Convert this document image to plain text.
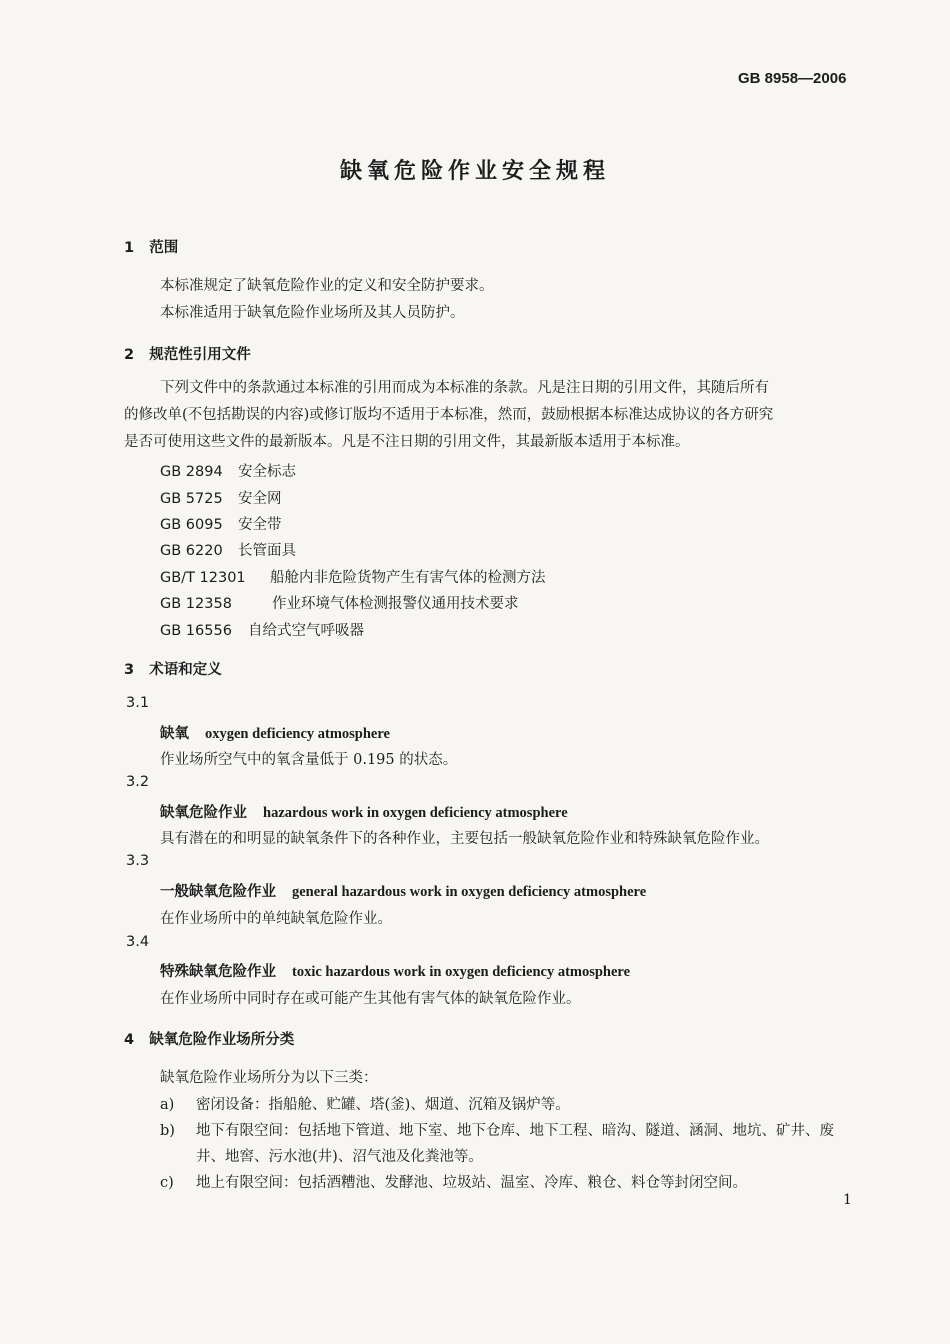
GB 8958—2006
缺氧危险作业安全规程
1 范围
本标准规定了缺氧危险作业的定义和安全防护要求。
本标准适用于缺氧危险作业场所及其人员防护。
2 规范性引用文件
下列文件中的条款通过本标准的引用而成为本标准的条款。凡是注日期的引用文件，其随后所有
的修改单(不包括勘误的内容)或修订版均不适用于本标准，然而，鼓励根据本标准达成协议的各方研究
是否可使用这些文件的最新版本。凡是不注日期的引用文件，其最新版本适用于本标准。
GB 2894 安全标志
GB 5725 安全网
GB 6095 安全带
GB 6220 长管面具
GB/T 12301 船舱内非危险货物产生有害气体的检测方法
GB 12358	作业环境气体检测报警仪通用技术要求
GB 16556 自给式空气呼吸器
3 术语和定义
3.1
缺氧 oxygen deficiency atmosphere
作业场所空气中的氧含量低于 0.195 的状态。
3.2
缺氧危险作业 hazardous work in oxygen deficiency atmosphere
具有潜在的和明显的缺氧条件下的各种作业，主要包括一般缺氧危险作业和特殊缺氧危险作业。
3.3
一般缺氧危险作业 general hazardous work in oxygen deficiency atmosphere
在作业场所中的单纯缺氧危险作业。
3.4
特殊缺氧危险作业 toxic hazardous work in oxygen deficiency atmosphere
在作业场所中同时存在或可能产生其他有害气体的缺氧危险作业。
4 缺氧危险作业场所分类
缺氧危险作业场所分为以下三类：
a) 密闭设备：指船舱、贮罐、塔(釜)、烟道、沉箱及锅炉等。
b) 地下有限空间：包括地下管道、地下室、地下仓库、地下工程、暗沟、隧道、涵洞、地坑、矿井、废
井、地窖、污水池(井)、沼气池及化粪池等。
c) 地上有限空间：包括酒糟池、发酵池、垃圾站、温室、冷库、粮仓、料仓等封闭空间。
1
